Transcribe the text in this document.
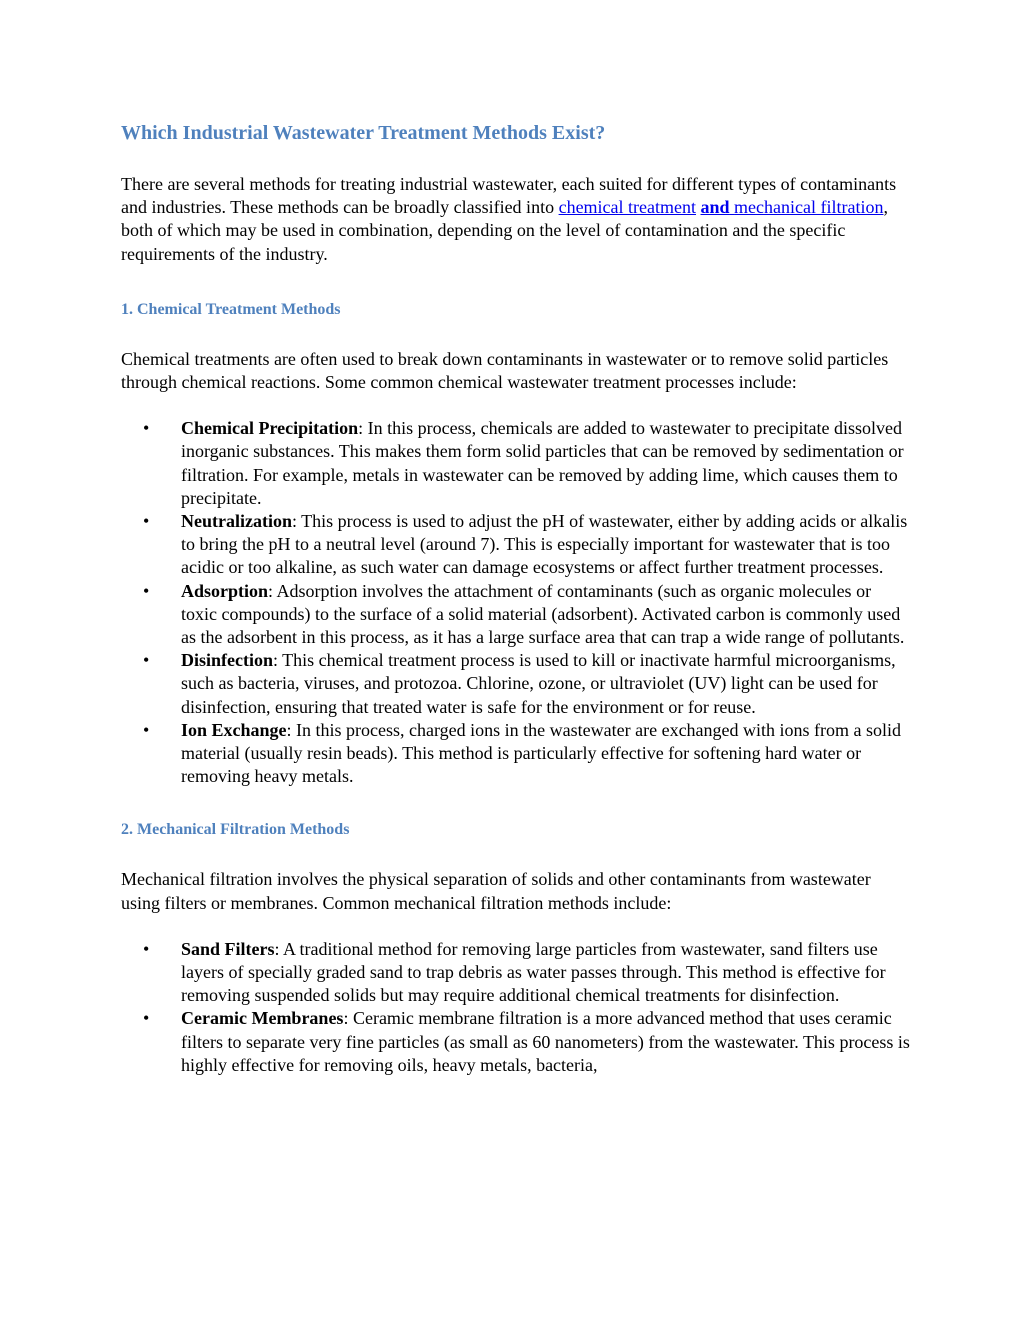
Which Industrial Wastewater Treatment Methods Exist?

There are several methods for treating industrial wastewater, each suited for different types of contaminants and industries. These methods can be broadly classified into chemical treatment and mechanical filtration, both of which may be used in combination, depending on the level of contamination and the specific requirements of the industry.

1. Chemical Treatment Methods

Chemical treatments are often used to break down contaminants in wastewater or to remove solid particles through chemical reactions. Some common chemical wastewater treatment processes include:

• Chemical Precipitation: In this process, chemicals are added to wastewater to precipitate dissolved inorganic substances. This makes them form solid particles that can be removed by sedimentation or filtration. For example, metals in wastewater can be removed by adding lime, which causes them to precipitate.
• Neutralization: This process is used to adjust the pH of wastewater, either by adding acids or alkalis to bring the pH to a neutral level (around 7). This is especially important for wastewater that is too acidic or too alkaline, as such water can damage ecosystems or affect further treatment processes.
• Adsorption: Adsorption involves the attachment of contaminants (such as organic molecules or toxic compounds) to the surface of a solid material (adsorbent). Activated carbon is commonly used as the adsorbent in this process, as it has a large surface area that can trap a wide range of pollutants.
• Disinfection: This chemical treatment process is used to kill or inactivate harmful microorganisms, such as bacteria, viruses, and protozoa. Chlorine, ozone, or ultraviolet (UV) light can be used for disinfection, ensuring that treated water is safe for the environment or for reuse.
• Ion Exchange: In this process, charged ions in the wastewater are exchanged with ions from a solid material (usually resin beads). This method is particularly effective for softening hard water or removing heavy metals.
2. Mechanical Filtration Methods

Mechanical filtration involves the physical separation of solids and other contaminants from wastewater using filters or membranes. Common mechanical filtration methods include:

• Sand Filters: A traditional method for removing large particles from wastewater, sand filters use layers of specially graded sand to trap debris as water passes through. This method is effective for removing suspended solids but may require additional chemical treatments for disinfection.
• Ceramic Membranes: Ceramic membrane filtration is a more advanced method that uses ceramic filters to separate very fine particles (as small as 60 nanometers) from the wastewater. This process is highly effective for removing oils, heavy metals, bacteria,
